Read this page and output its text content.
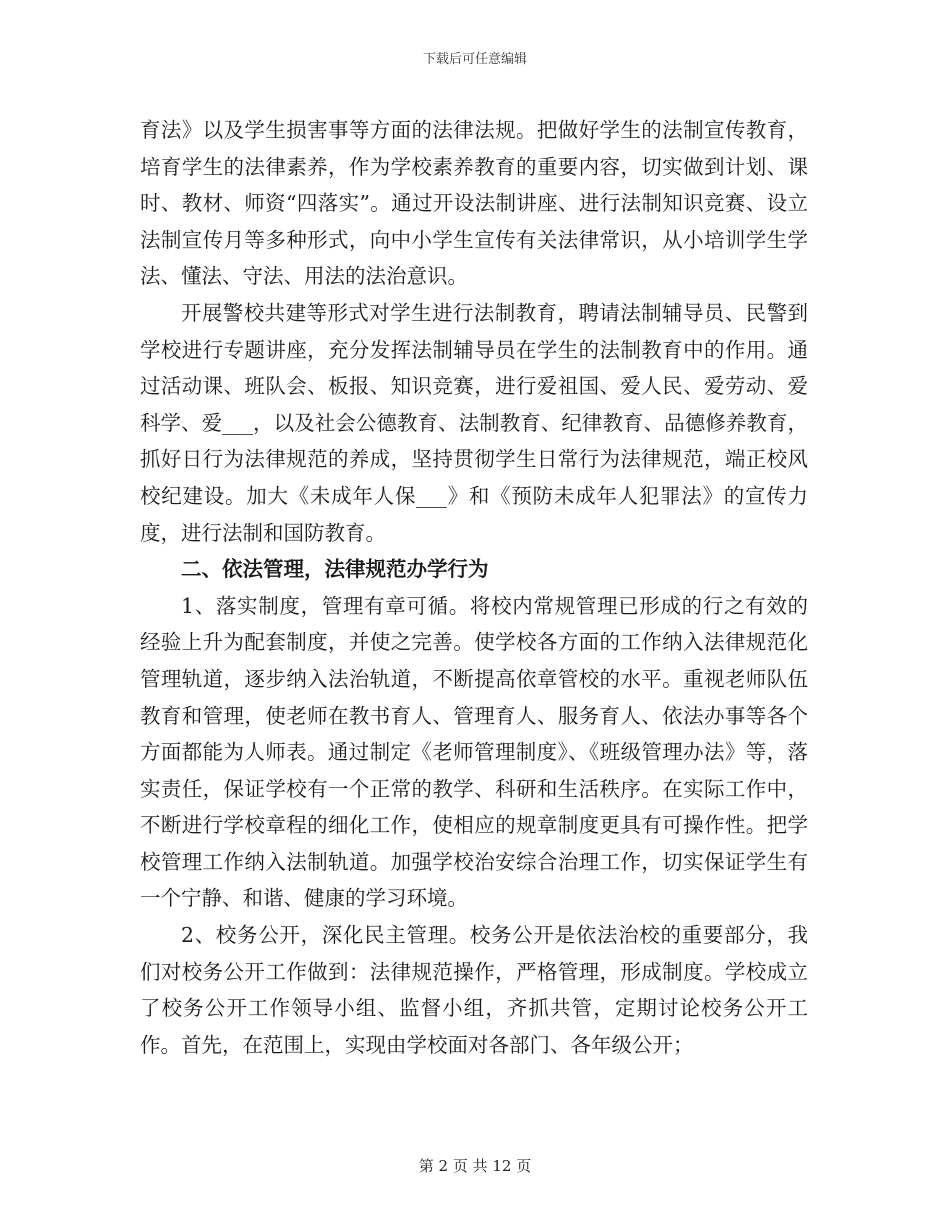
下载后可任意编辑

育法》以及学生损害事等方面的法律法规。把做好学生的法制宣传教育，培育学生的法律素养，作为学校素养教育的重要内容，切实做到计划、课时、教材、师资“四落实”。通过开设法制讲座、进行法制知识竞赛、设立法制宣传月等多种形式，向中小学生宣传有关法律常识，从小培训学生学法、懂法、守法、用法的法治意识。

开展警校共建等形式对学生进行法制教育，聘请法制辅导员、民警到学校进行专题讲座，充分发挥法制辅导员在学生的法制教育中的作用。通过活动课、班队会、板报、知识竞赛，进行爱祖国、爱人民、爱劳动、爱科学、爱___，以及社会公德教育、法制教育、纪律教育、品德修养教育，抓好日行为法律规范的养成，坚持贯彻学生日常行为法律规范，端正校风校纪建设。加大《未成年人保___》和《预防未成年人犯罪法》的宣传力度，进行法制和国防教育。

二、依法管理，法律规范办学行为

1、落实制度，管理有章可循。将校内常规管理已形成的行之有效的经验上升为配套制度，并使之完善。使学校各方面的工作纳入法律规范化管理轨道，逐步纳入法治轨道，不断提高依章管校的水平。重视老师队伍教育和管理，使老师在教书育人、管理育人、服务育人、依法办事等各个方面都能为人师表。通过制定《老师管理制度》、《班级管理办法》等，落实责任，保证学校有一个正常的教学、科研和生活秩序。在实际工作中，不断进行学校章程的细化工作，使相应的规章制度更具有可操作性。把学校管理工作纳入法制轨道。加强学校治安综合治理工作，切实保证学生有一个宁静、和谐、健康的学习环境。

2、校务公开，深化民主管理。校务公开是依法治校的重要部分，我们对校务公开工作做到：法律规范操作，严格管理，形成制度。学校成立了校务公开工作领导小组、监督小组，齐抓共管，定期讨论校务公开工作。首先，在范围上，实现由学校面对各部门、各年级公开；

第 2 页 共 12 页
